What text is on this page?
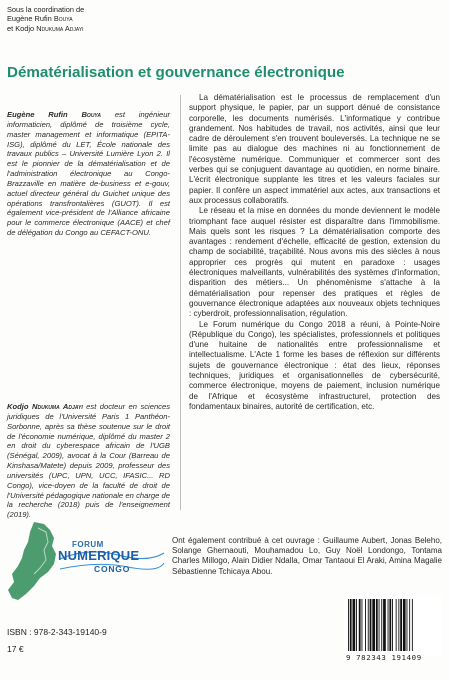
Sous la coordination de
Eugène Rufin Bouya
et Kodjo Ndukuma Adjayi
Dématérialisation et gouvernance électronique
Eugène Rufin Bouya est ingénieur informaticien, diplômé de troisième cycle, master management et informatique (EPITA-ISG), diplômé du LET, École nationale des travaux publics – Université Lumière Lyon 2. Il est le pionnier de la dématérialisation et de l'administration électronique au Congo-Brazzaville en matière de-business et e-gouv, actuel directeur général du Guichet unique des opérations transfrontalières (GUOT). Il est également vice-président de l'Alliance africaine pour le commerce électronique (AACE) et chef de délégation du Congo au CEFACT-ONU.
Kodjo Ndukuma Adjayi est docteur en sciences juridiques de l'Université Paris 1 Panthéon-Sorbonne, après sa thèse soutenue sur le droit de l'économie numérique, diplômé du master 2 en droit du cyberespace africain de l'UGB (Sénégal, 2009), avocat à la Cour (Barreau de Kinshasa/Matete) depuis 2009, professeur des universités (UPC, UPN, UCC, IFASIC... RD Congo), vice-doyen de la faculté de droit de l'Université pédagogique nationale en charge de la recherche (2018) puis de l'enseignement (2019).

La dématérialisation est le processus de remplacement d'un support physique, le papier, par un support dénué de consistance corporelle, les documents numérisés. L'informatique y contribue grandement. Nos habitudes de travail, nos activités, ainsi que leur cadre de déroulement s'en trouvent bouleversés. La technique ne se limite pas au dialogue des machines ni au fonctionnement de l'écosystème numérique. Communiquer et commercer sont des verbes qui se conjuguent davantage au quotidien, en norme binaire. L'écrit électronique supplante les titres et les valeurs faciales sur papier. Il confère un aspect immatériel aux actes, aux transactions et aux processus collaboratifs.

Le réseau et la mise en données du monde deviennent le modèle triomphant face auquel résister est disparaître dans l'immobilisme. Mais quels sont les risques ? La dématérialisation comporte des avantages : rendement d'échelle, efficacité de gestion, extension du champ de sociabilité, traçabilité. Nous avons mis des siècles à nous approprier ces progrès qui mutent en paradoxe : usages électroniques malveillants, vulnérabilités des systèmes d'information, disparition des métiers... Un phénomènisme s'attache à la dématérialisation pour repenser des pratiques et règles de gouvernance électronique adaptées aux nouveaux objets techniques : cyberdroit, professionnalisation, régulation.

Le Forum numérique du Congo 2018 a réuni, à Pointe-Noire (République du Congo), les spécialistes, professionnels et politiques d'une huitaine de nationalités entre professionnalisme et intellectualisme. L'Acte 1 forme les bases de réflexion sur différents sujets de gouvernance électronique : état des lieux, réponses techniques, juridiques et organisationnelles de cybersécurité, commerce électronique, moyens de paiement, inclusion numérique de l'Afrique et écosystème infrastructurel, protection des fondamentaux binaires, autorité de certification, etc.

FORUM
NUMERIQUE
CONGO
Ont également contribué à cet ouvrage : Guillaume Aubert, Jonas Beleho, Solange Ghernaouti, Mouhamadou Lo, Guy Noël Londongo, Tontama Charles Millogo, Alain Didier Ndalla, Omar Tantaoui El Araki, Amina Magalie Sébastienne Tchicaya Abou.
ISBN : 978-2-343-19140-9
17 €
9 782343 191409
